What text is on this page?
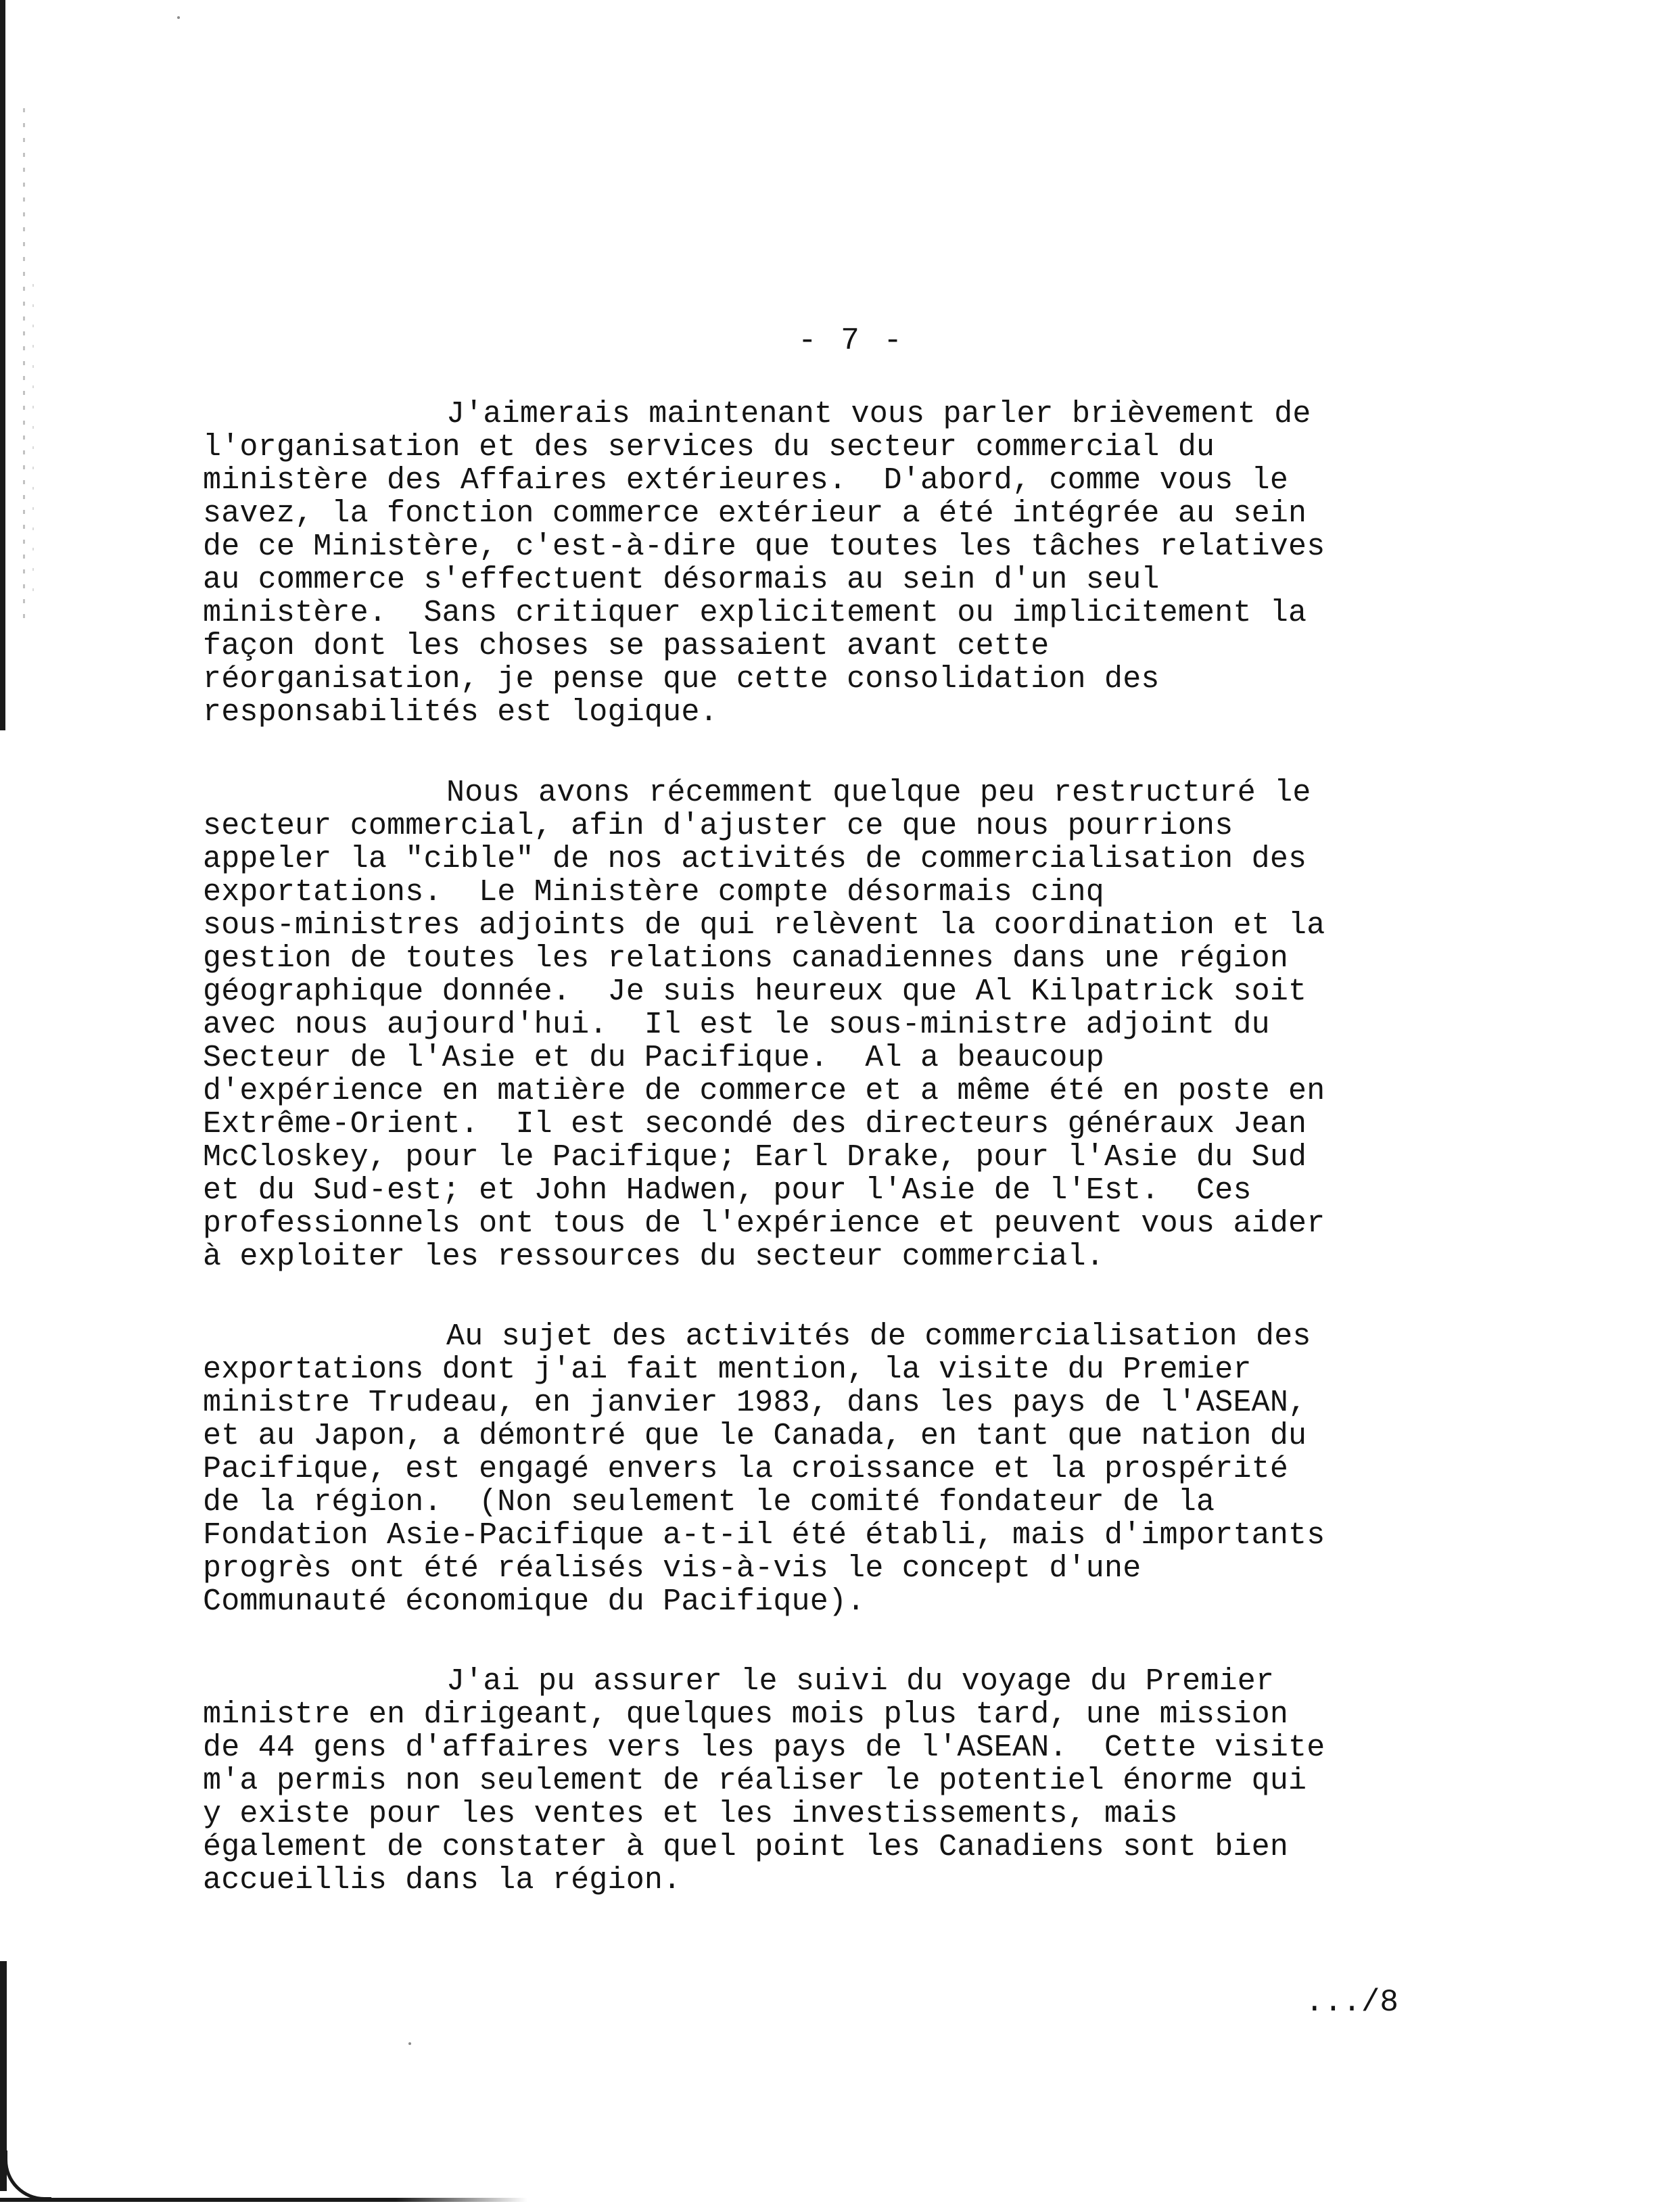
- 7 -
J'aimerais maintenant vous parler brièvement de
l'organisation et des services du secteur commercial du
ministère des Affaires extérieures.  D'abord, comme vous le
savez, la fonction commerce extérieur a été intégrée au sein
de ce Ministère, c'est-à-dire que toutes les tâches relatives
au commerce s'effectuent désormais au sein d'un seul
ministère.  Sans critiquer explicitement ou implicitement la
façon dont les choses se passaient avant cette
réorganisation, je pense que cette consolidation des
responsabilités est logique.
Nous avons récemment quelque peu restructuré le
secteur commercial, afin d'ajuster ce que nous pourrions
appeler la "cible" de nos activités de commercialisation des
exportations.  Le Ministère compte désormais cinq
sous-ministres adjoints de qui relèvent la coordination et la
gestion de toutes les relations canadiennes dans une région
géographique donnée.  Je suis heureux que Al Kilpatrick soit
avec nous aujourd'hui.  Il est le sous-ministre adjoint du
Secteur de l'Asie et du Pacifique.  Al a beaucoup
d'expérience en matière de commerce et a même été en poste en
Extrême-Orient.  Il est secondé des directeurs généraux Jean
McCloskey, pour le Pacifique; Earl Drake, pour l'Asie du Sud
et du Sud-est; et John Hadwen, pour l'Asie de l'Est.  Ces
professionnels ont tous de l'expérience et peuvent vous aider
à exploiter les ressources du secteur commercial.
Au sujet des activités de commercialisation des
exportations dont j'ai fait mention, la visite du Premier
ministre Trudeau, en janvier 1983, dans les pays de l'ASEAN,
et au Japon, a démontré que le Canada, en tant que nation du
Pacifique, est engagé envers la croissance et la prospérité
de la région.  (Non seulement le comité fondateur de la
Fondation Asie-Pacifique a-t-il été établi, mais d'importants
progrès ont été réalisés vis-à-vis le concept d'une
Communauté économique du Pacifique).
J'ai pu assurer le suivi du voyage du Premier
ministre en dirigeant, quelques mois plus tard, une mission
de 44 gens d'affaires vers les pays de l'ASEAN.  Cette visite
m'a permis non seulement de réaliser le potentiel énorme qui
y existe pour les ventes et les investissements, mais
également de constater à quel point les Canadiens sont bien
accueillis dans la région.
.../8
